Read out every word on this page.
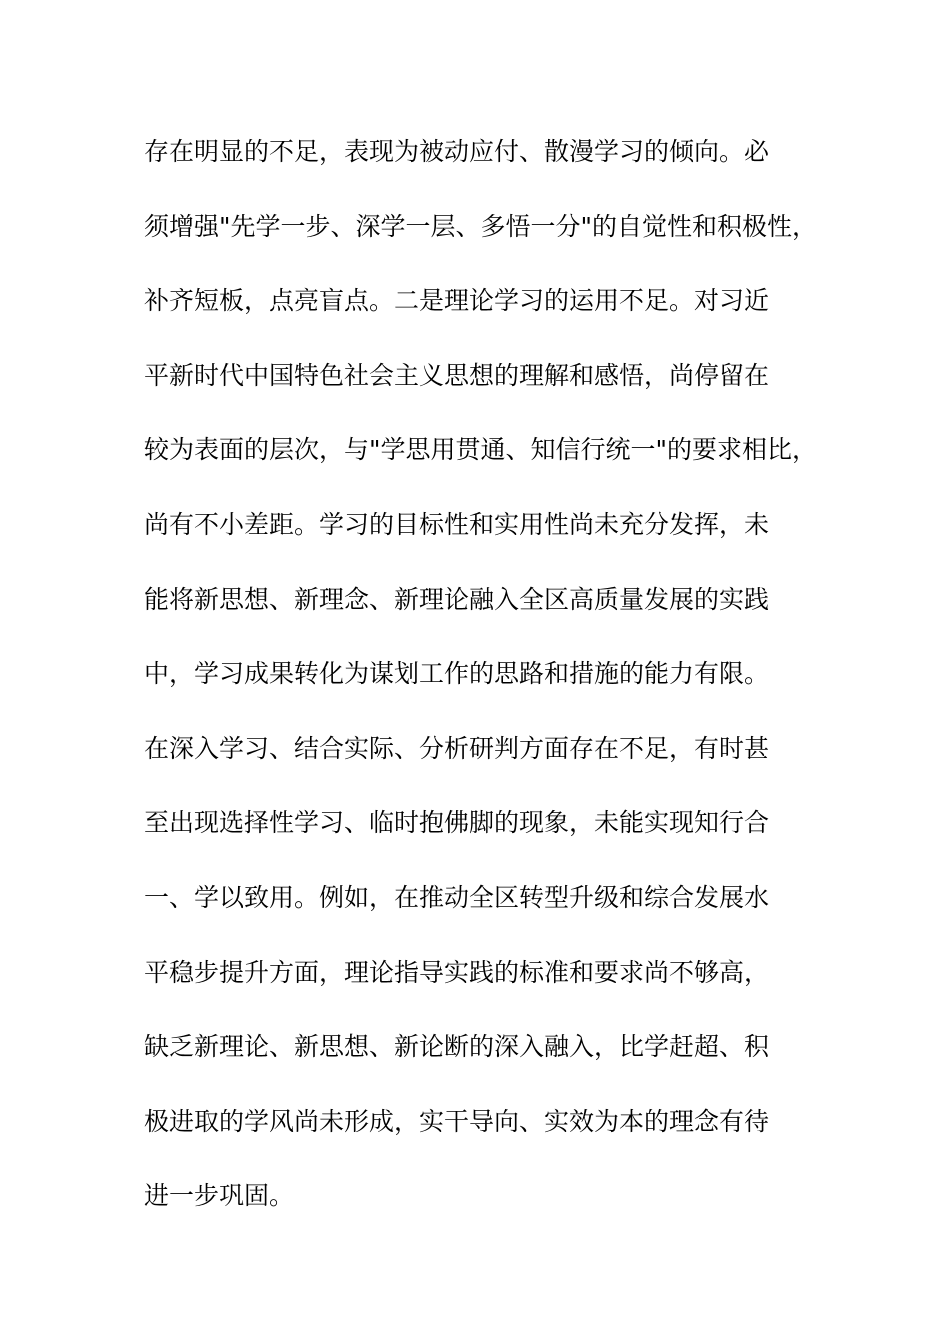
存在明显的不足，表现为被动应付、散漫学习的倾向。必
须增强"先学一步、深学一层、多悟一分"的自觉性和积极性，
补齐短板，点亮盲点。二是理论学习的运用不足。对习近
平新时代中国特色社会主义思想的理解和感悟，尚停留在
较为表面的层次，与"学思用贯通、知信行统一"的要求相比，
尚有不小差距。学习的目标性和实用性尚未充分发挥，未
能将新思想、新理念、新理论融入全区高质量发展的实践
中，学习成果转化为谋划工作的思路和措施的能力有限。
在深入学习、结合实际、分析研判方面存在不足，有时甚
至出现选择性学习、临时抱佛脚的现象，未能实现知行合
一、学以致用。例如，在推动全区转型升级和综合发展水
平稳步提升方面，理论指导实践的标准和要求尚不够高，
缺乏新理论、新思想、新论断的深入融入，比学赶超、积
极进取的学风尚未形成，实干导向、实效为本的理念有待
进一步巩固。
